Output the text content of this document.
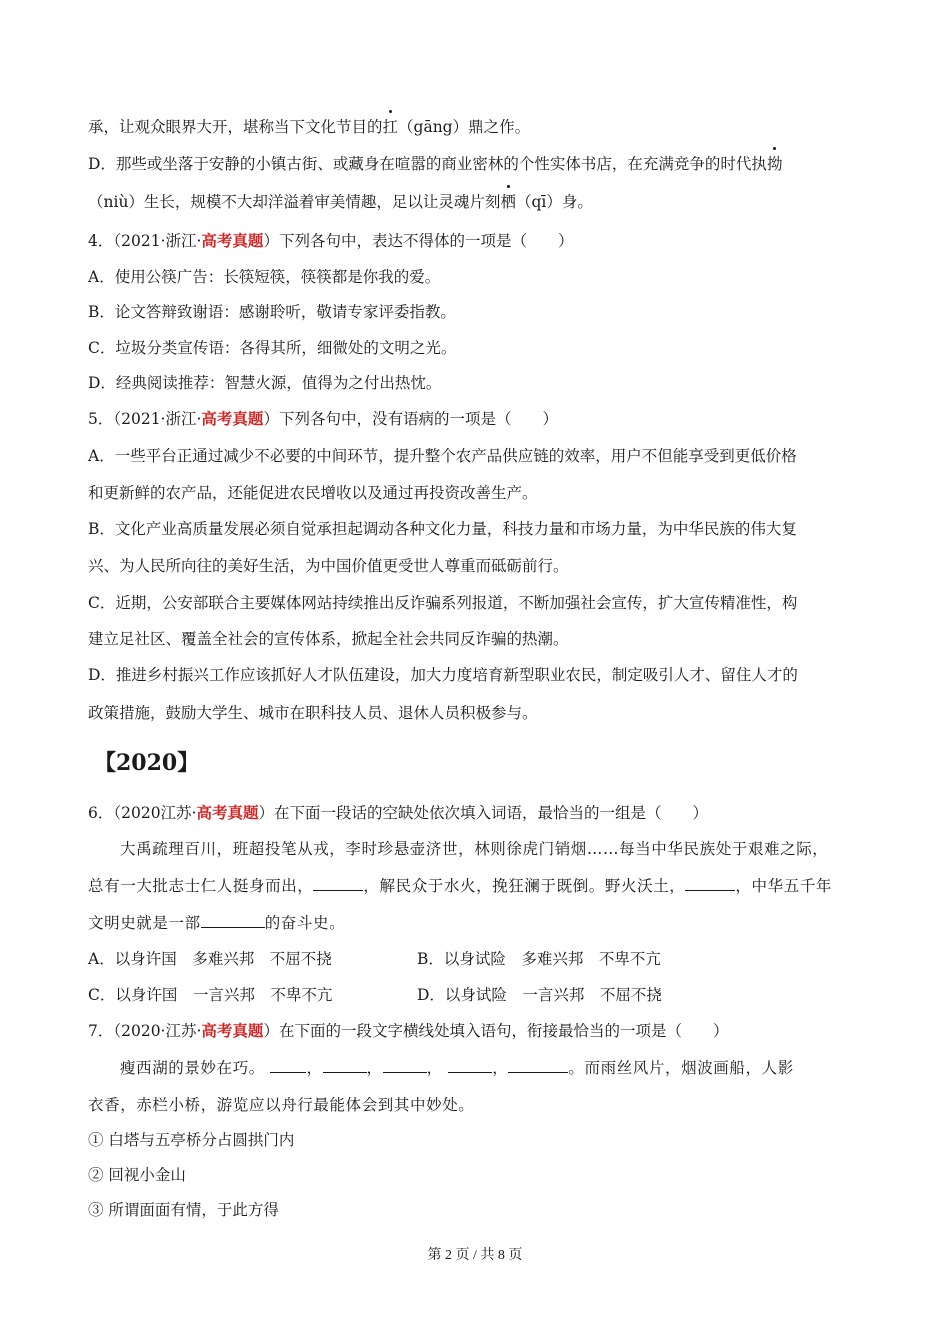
承，让观众眼界大开，堪称当下文化节目的扛（gāng）鼎之作。
D．那些或坐落于安静的小镇古街、或藏身在喧嚣的商业密林的个性实体书店，在充满竞争的时代执拗
（niù）生长，规模不大却洋溢着审美情趣，足以让灵魂片刻栖（qī）身。
4．（2021·浙江·高考真题）下列各句中，表达不得体的一项是（　　）
A．使用公筷广告：长筷短筷，筷筷都是你我的爱。
B．论文答辩致谢语：感谢聆听，敬请专家评委指教。
C．垃圾分类宣传语：各得其所，细微处的文明之光。
D．经典阅读推荐：智慧火源，值得为之付出热忱。
5．（2021·浙江·高考真题）下列各句中，没有语病的一项是（　　）
A．一些平台正通过减少不必要的中间环节，提升整个农产品供应链的效率，用户不但能享受到更低价格
和更新鲜的农产品，还能促进农民增收以及通过再投资改善生产。
B．文化产业高质量发展必须自觉承担起调动各种文化力量，科技力量和市场力量，为中华民族的伟大复
兴、为人民所向往的美好生活，为中国价值更受世人尊重而砥砺前行。
C．近期，公安部联合主要媒体网站持续推出反诈骗系列报道，不断加强社会宣传，扩大宣传精准性，构
建立足社区、覆盖全社会的宣传体系，掀起全社会共同反诈骗的热潮。
D．推进乡村振兴工作应该抓好人才队伍建设，加大力度培育新型职业农民，制定吸引人才、留住人才的
政策措施，鼓励大学生、城市在职科技人员、退休人员积极参与。
【2020】
6．（2020江苏·高考真题）在下面一段话的空缺处依次填入词语，最恰当的一组是（　　）
大禹疏理百川，班超投笔从戎，李时珍悬壶济世，林则徐虎门销烟……每当中华民族处于艰难之际，
总有一大批志士仁人挺身而出，	，解民众于水火，挽狂澜于既倒。野火沃土，	，中华五千年
文明史就是一部	的奋斗史。
A．以身许国　多难兴邦　不屈不挠	B．以身试险　多难兴邦　不卑不亢
C．以身许国　一言兴邦　不卑不亢	D．以身试险　一言兴邦　不屈不挠
7．（2020·江苏·高考真题）在下面的一段文字横线处填入语句，衔接最恰当的一项是（　　）
瘦西湖的景妙在巧。	，	，	，	，	。而雨丝风片，烟波画船，人影
衣香，赤栏小桥，游览应以舟行最能体会到其中妙处。
① 白塔与五亭桥分占圆拱门内
② 回视小金山
③ 所谓面面有情，于此方得
第 2 页 / 共 8 页
